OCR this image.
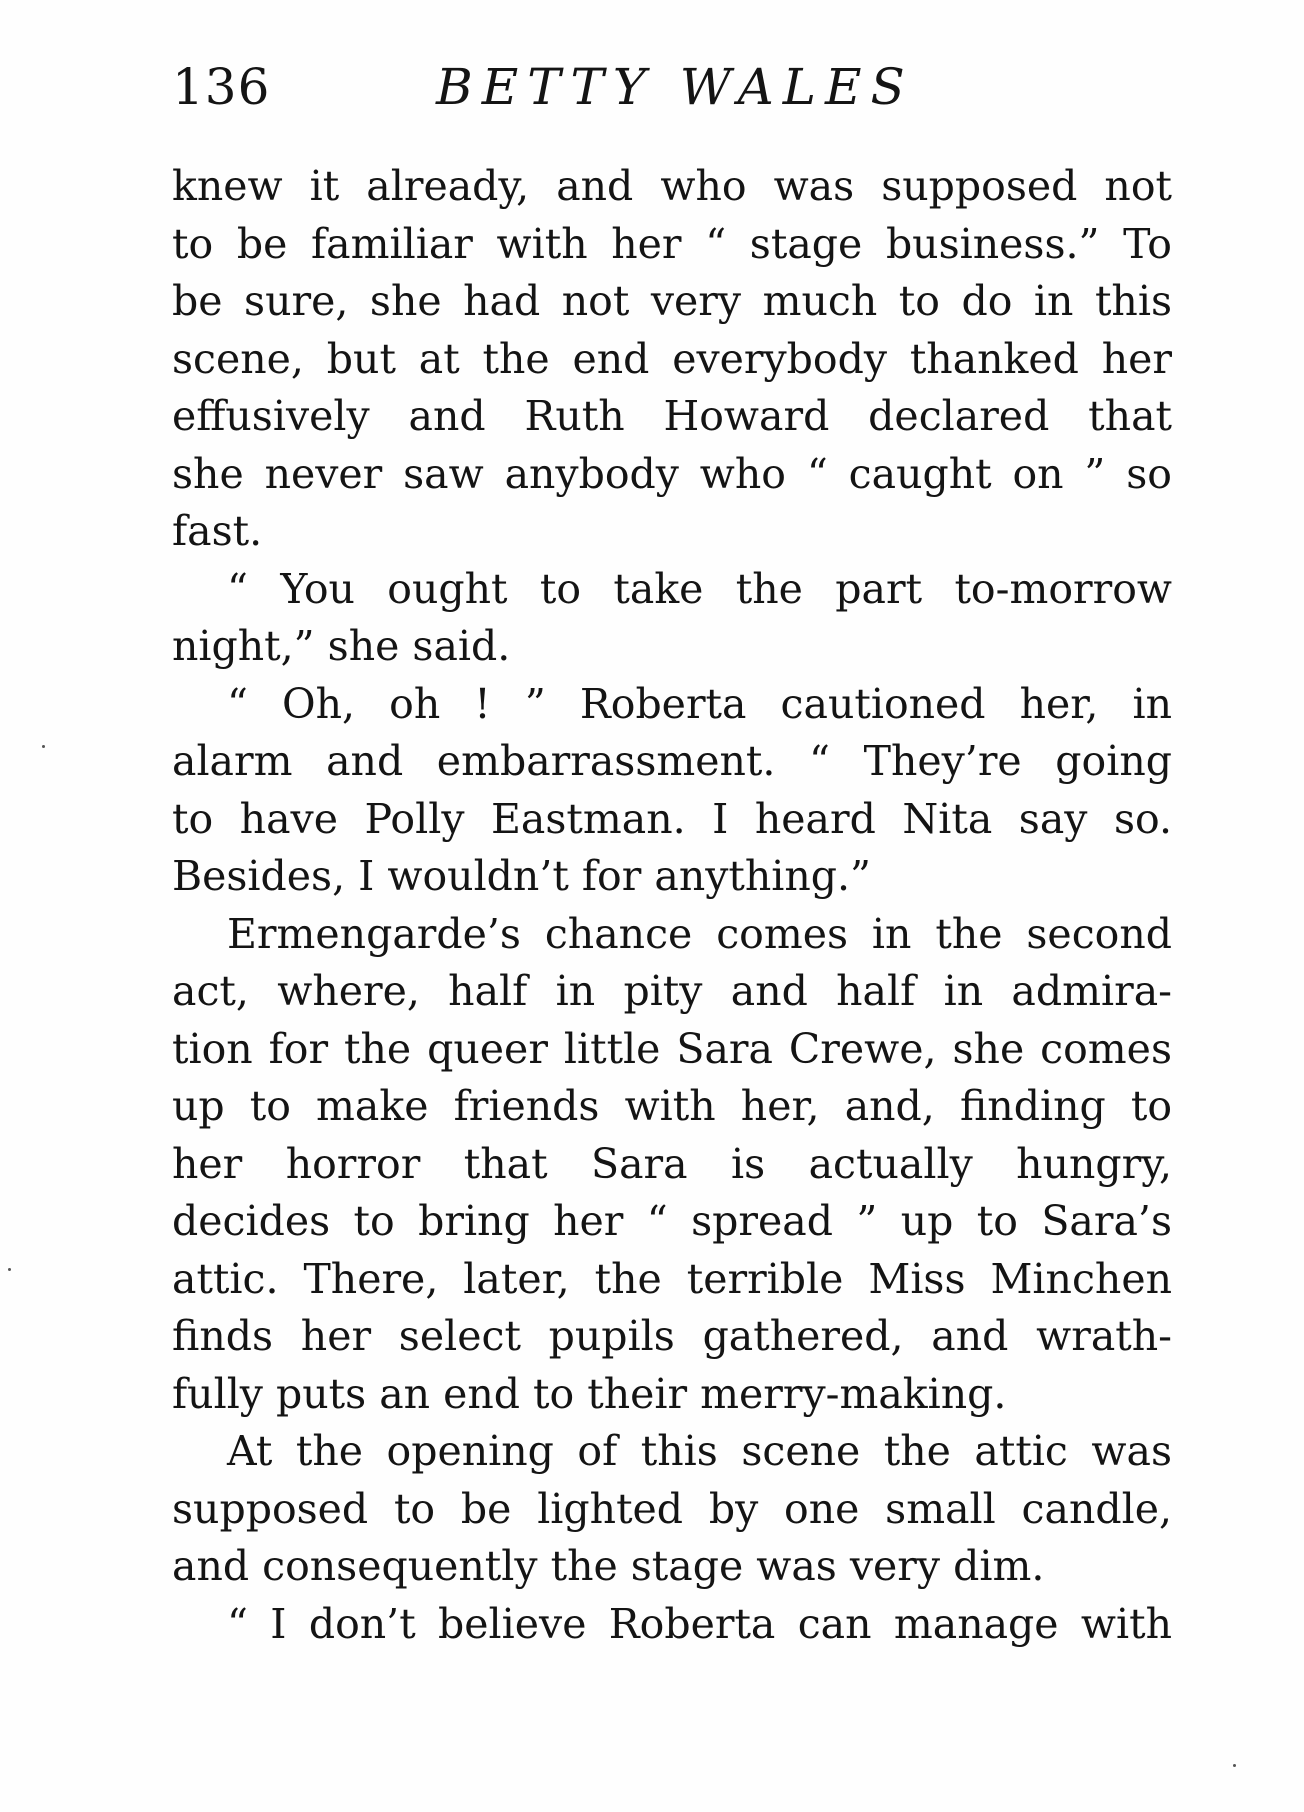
136	BETTY WALES
knew it already, and who was supposed not
to be familiar with her “ stage business.” To
be sure, she had not very much to do in this
scene, but at the end everybody thanked her
effusively and Ruth Howard declared that
she never saw anybody who “ caught on ” so
fast.
“ You ought to take the part to-morrow
night,” she said.
“ Oh, oh ! ” Roberta cautioned her, in
alarm and embarrassment. “ They’re going
to have Polly Eastman. I heard Nita say so.
Besides, I wouldn’t for anything.”
Ermengarde’s chance comes in the second
act, where, half in pity and half in admira-
tion for the queer little Sara Crewe, she comes
up to make friends with her, and, finding to
her horror that Sara is actually hungry,
decides to bring her “ spread ” up to Sara’s
attic. There, later, the terrible Miss Minchen
finds her select pupils gathered, and wrath-
fully puts an end to their merry-making.
At the opening of this scene the attic was
supposed to be lighted by one small candle,
and consequently the stage was very dim.
“ I don’t believe Roberta can manage with
